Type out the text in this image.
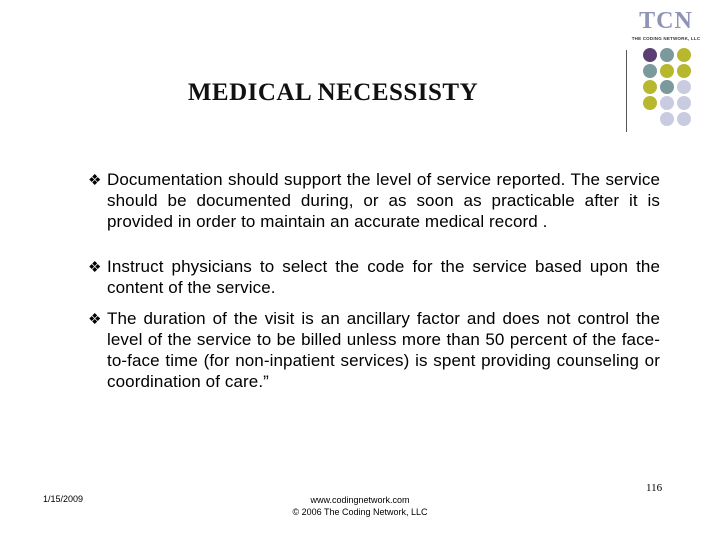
TCN
THE CODING NETWORK, LLC
MEDICAL NECESSISTY
❖ Documentation should support the level of service reported. The service should be documented during, or as soon as practicable after it is provided in order to maintain an accurate medical record .
❖ Instruct physicians to select the code for the service based upon the content of the service.
❖ The duration of the visit is an ancillary factor and does not control the level of the service to be billed unless more than 50 percent of the face-to-face time (for non-inpatient services) is spent providing counseling or coordination of care.”
116
1/15/2009	www.codingnetwork.com
© 2006 The Coding Network, LLC
